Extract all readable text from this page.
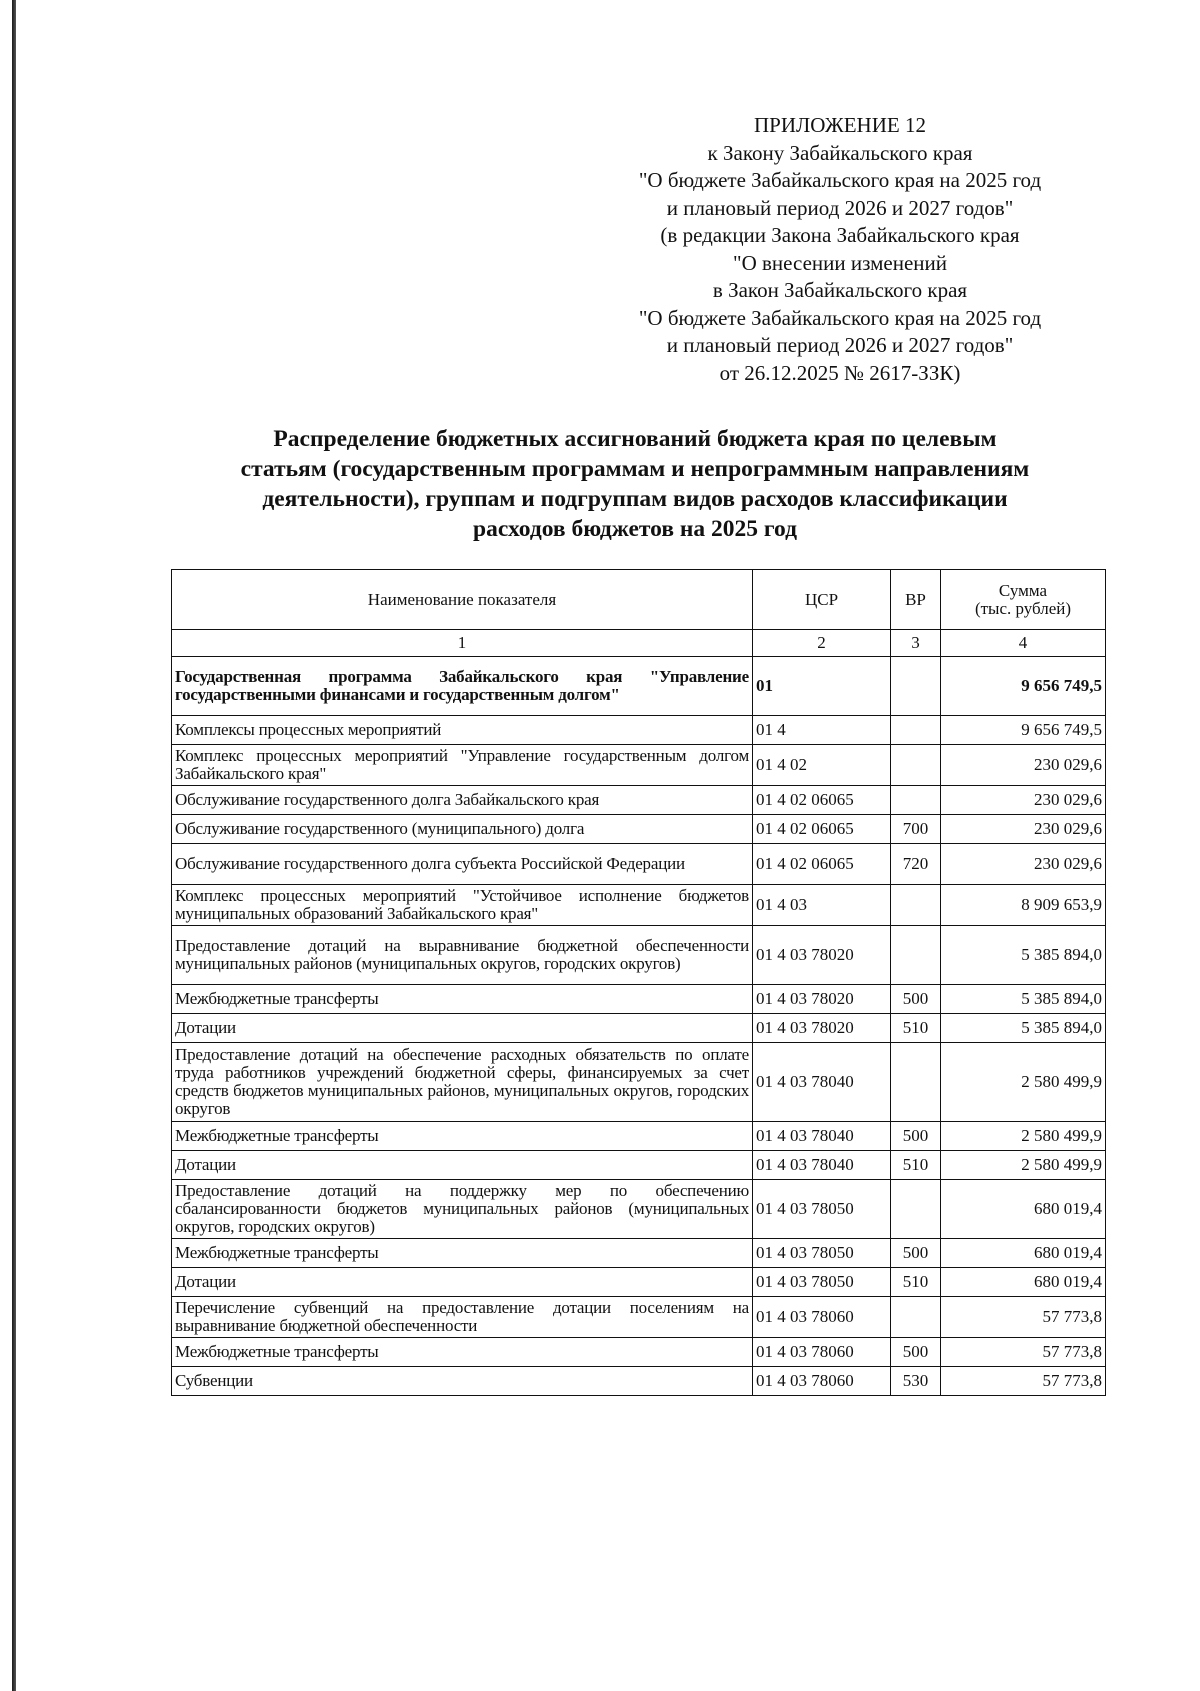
ПРИЛОЖЕНИЕ 12
к Закону Забайкальского края
"О бюджете Забайкальского края на 2025 год
и плановый период 2026 и 2027 годов"
(в редакции Закона Забайкальского края
"О внесении изменений
в Закон Забайкальского края
"О бюджете Забайкальского края на 2025 год
и плановый период 2026 и 2027 годов"
от 26.12.2025 № 2617-ЗЗК)
Распределение бюджетных ассигнований бюджета края по целевым
статьям (государственным программам и непрограммным направлениям
деятельности), группам и подгруппам видов расходов классификации
расходов бюджетов на 2025 год
Наименование показателя	ЦСР	ВР	Сумма
(тыс. рублей)

1	2	3	4
Государственная программа Забайкальского края "Управление государственными финансами и государственным долгом"	01		9 656 749,5
Комплексы процессных мероприятий	01 4		9 656 749,5
Комплекс процессных мероприятий "Управление государственным долгом Забайкальского края"	01 4 02		230 029,6
Обслуживание государственного долга Забайкальского края	01 4 02 06065		230 029,6
Обслуживание государственного (муниципального) долга	01 4 02 06065	700	230 029,6
Обслуживание государственного долга субъекта Российской Федерации	01 4 02 06065	720	230 029,6
Комплекс процессных мероприятий "Устойчивое исполнение бюджетов муниципальных образований Забайкальского края"	01 4 03		8 909 653,9
Предоставление дотаций на выравнивание бюджетной обеспеченности муниципальных районов (муниципальных округов, городских округов)	01 4 03 78020		5 385 894,0
Межбюджетные трансферты	01 4 03 78020	500	5 385 894,0
Дотации	01 4 03 78020	510	5 385 894,0
Предоставление дотаций на обеспечение расходных обязательств по оплате труда работников учреждений бюджетной сферы, финансируемых за счет средств бюджетов муниципальных районов, муниципальных округов, городских округов	01 4 03 78040		2 580 499,9
Межбюджетные трансферты	01 4 03 78040	500	2 580 499,9
Дотации	01 4 03 78040	510	2 580 499,9
Предоставление дотаций на поддержку мер по обеспечению сбалансированности бюджетов муниципальных районов (муниципальных округов, городских округов)	01 4 03 78050		680 019,4
Межбюджетные трансферты	01 4 03 78050	500	680 019,4
Дотации	01 4 03 78050	510	680 019,4
Перечисление субвенций на предоставление дотации поселениям на выравнивание бюджетной обеспеченности	01 4 03 78060		57 773,8
Межбюджетные трансферты	01 4 03 78060	500	57 773,8
Субвенции	01 4 03 78060	530	57 773,8
